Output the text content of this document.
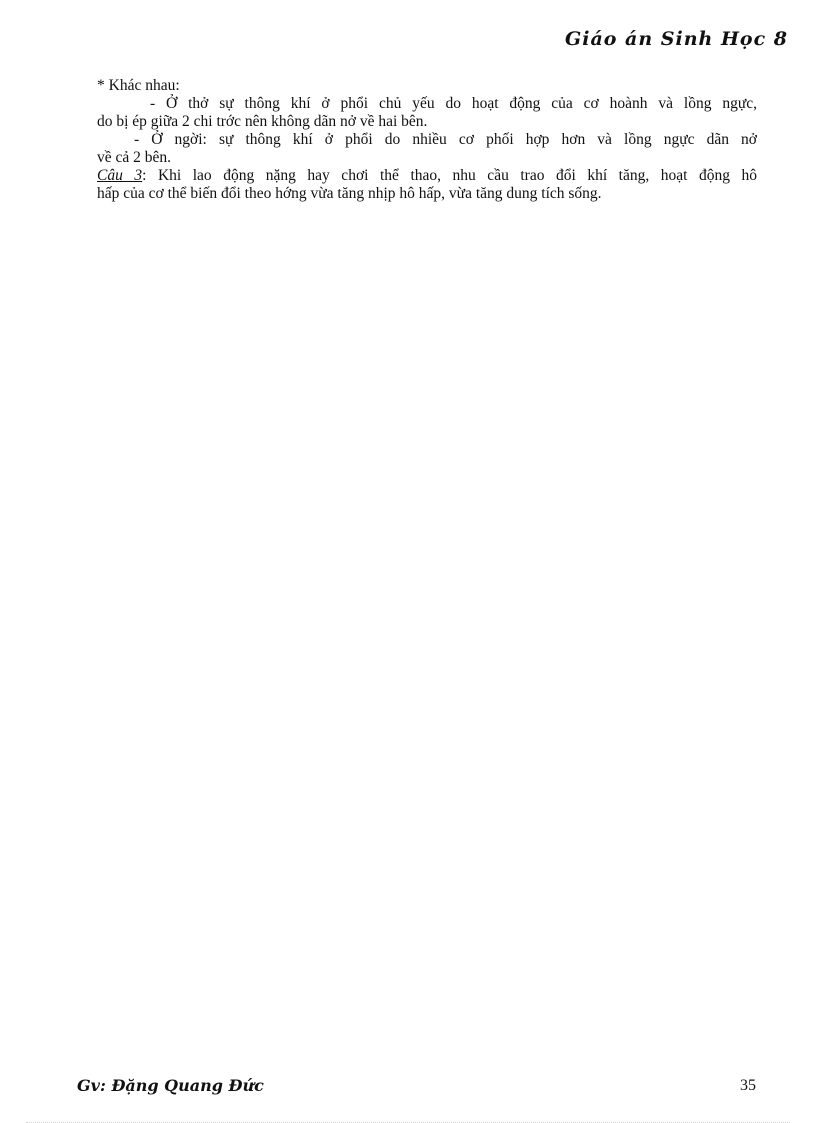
Giáo án Sinh Học 8

* Khác nhau:

- Ở thở sự thông khí ở phổi chủ yếu do hoạt động của cơ hoành và lồng ngực,
do bị ép giữa 2 chi trớc nên không dãn nở về hai bên.

- Ở ngời: sự thông khí ở phổi do nhiều cơ phối hợp hơn và lồng ngực dãn nở
về cả 2 bên.

Câu 3: Khi lao động nặng hay chơi thể thao, nhu cầu trao đổi khí tăng, hoạt động hô
hấp của cơ thể biến đổi theo hớng vừa tăng nhịp hô hấp, vừa tăng dung tích sống.

Gv: Đặng Quang Đức	35
